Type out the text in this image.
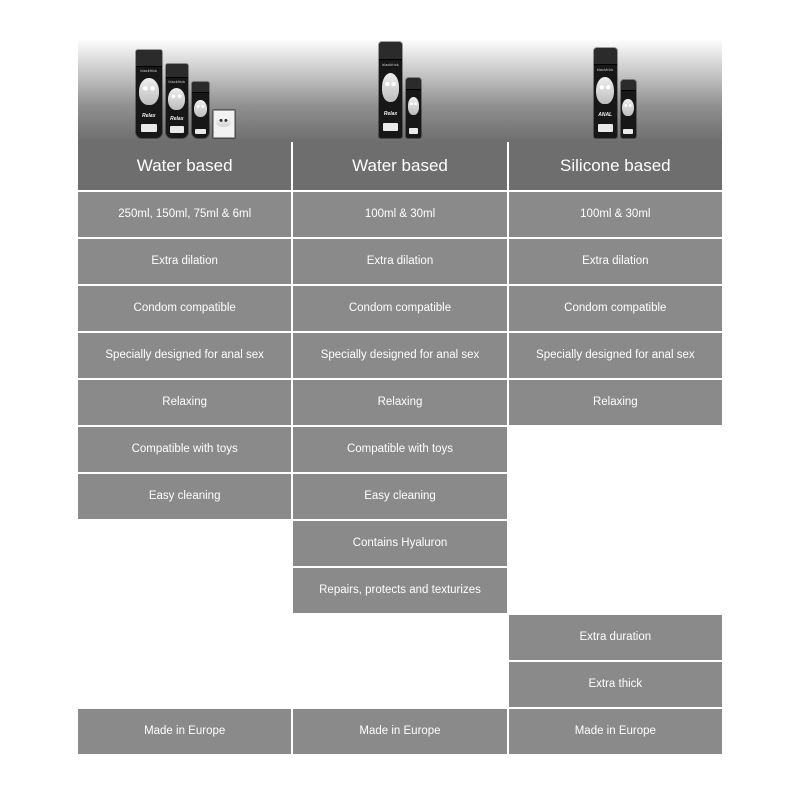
blackfrick
Relax
blackfrick
Relax
blackfrick
Relax
blackfrick
ANAL
Water based	Water based	Silicone based
250ml, 150ml, 75ml & 6ml
Extra dilation
Condom compatible
Specially designed for anal sex
Relaxing
Compatible with toys
Easy cleaning
Made in Europe
100ml & 30ml
Extra dilation
Condom compatible
Specially designed for anal sex
Relaxing
Compatible with toys
Easy cleaning
Contains Hyaluron
Repairs, protects and texturizes
Made in Europe
100ml & 30ml
Extra dilation
Condom compatible
Specially designed for anal sex
Relaxing
Extra duration
Extra thick
Made in Europe
